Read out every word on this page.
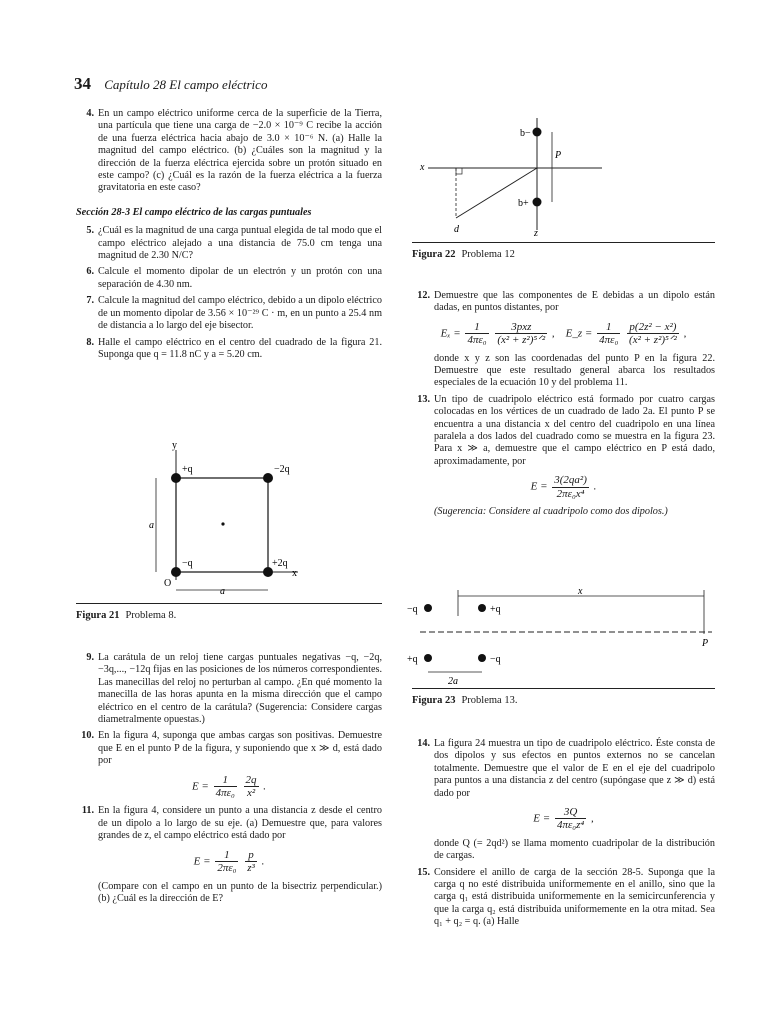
34 Capítulo 28 El campo eléctrico
4. En un campo eléctrico uniforme cerca de la superficie de la Tierra, una partícula que tiene una carga de −2.0 × 10⁻⁹ C recibe la acción de una fuerza eléctrica hacia abajo de 3.0 × 10⁻⁶ N. (a) Halle la magnitud del campo eléctrico. (b) ¿Cuáles son la magnitud y la dirección de la fuerza eléctrica ejercida sobre un protón situado en este campo? (c) ¿Cuál es la razón de la fuerza eléctrica a la fuerza gravitatoria en este caso?
Sección 28-3 El campo eléctrico de las cargas puntuales
5. ¿Cuál es la magnitud de una carga puntual elegida de tal modo que el campo eléctrico alejado a una distancia de 75.0 cm tenga una magnitud de 2.30 N/C?
6. Calcule el momento dipolar de un electrón y un protón con una separación de 4.30 nm.
7. Calcule la magnitud del campo eléctrico, debido a un dipolo eléctrico de un momento dipolar de 3.56 × 10⁻²⁹ C · m, en un punto a 25.4 nm de distancia a lo largo del eje bisector.
8. Halle el campo eléctrico en el centro del cuadrado de la figura 21. Suponga que q = 11.8 nC y a = 5.20 cm.
y
+q	−2q
−q	+2q
x
a
a
O
Figura 21 Problema 8.
9. La carátula de un reloj tiene cargas puntuales negativas −q, −2q, −3q,..., −12q fijas en las posiciones de los números correspondientes. Las manecillas del reloj no perturban al campo. ¿En qué momento la manecilla de las horas apunta en la misma dirección que el campo eléctrico en el centro de la carátula? (Sugerencia: Considere cargas diametralmente opuestas.)
10. En la figura 4, suponga que ambas cargas son positivas. Demuestre que E en el punto P de la figura, y suponiendo que x ≫ d, está dado por
$E = \frac{1}{\text{4πε₀}}$
$\frac{2q}{\text{x²}}$ .
11. En la figura 4, considere un punto a una distancia z desde el centro de un dipolo a lo largo de su eje. (a) Demuestre que, para valores grandes de z, el campo eléctrico está dado por
$E = \frac{1}{\text{2πε₀}}$
$\frac{p}{\text{z³}}$ .
(Compare con el campo en un punto de la bisectriz perpendicular.) (b) ¿Cuál es la dirección de E?
b−
b+
P
x
z
d
Figura 22 Problema 12
12. Demuestre que las componentes de E debidas a un dipolo están dadas, en puntos distantes, por
$E_x = \frac{1}{\text{4πε₀}}$
$\frac{\text{3pxz}}{\text{(x² + z²)⁵ᐟ²}}$ , E_z = $\frac{1}{\text{4πε₀}}$
$\frac{\text{p(2z² − x²)}}{\text{(x² + z²)⁵ᐟ²}}$ ,
donde x y z son las coordenadas del punto P en la figura 22. Demuestre que este resultado general abarca los resultados especiales de la ecuación 10 y del problema 11.
13. Un tipo de cuadripolo eléctrico está formado por cuatro cargas colocadas en los vértices de un cuadrado de lado 2a. El punto P se encuentra a una distancia x del centro del cuadripolo en una línea paralela a dos lados del cuadrado como se muestra en la figura 23. Para x ≫ a, demuestre que el campo eléctrico en P está dado, aproximadamente, por
$E = \frac{\text{3(2qa²)}}{\text{2πε₀x⁴}}$ .
(Sugerencia: Considere al cuadripolo como dos dipolos.)
−q	+q
+q	−q
x
P
2a
Figura 23 Problema 13.
14. La figura 24 muestra un tipo de cuadripolo eléctrico. Éste consta de dos dipolos y sus efectos en puntos externos no se cancelan totalmente. Demuestre que el valor de E en el eje del cuadripolo para puntos a una distancia z del centro (supóngase que z ≫ d) está dado por
$E = \frac{3Q}{\text{4πε₀z⁴}}$ ,
donde Q (= 2qd²) se llama momento cuadripolar de la distribución de cargas.
15. Considere el anillo de carga de la sección 28-5. Suponga que la carga q no esté distribuida uniformemente en el anillo, sino que la carga q₁ está distribuida uniformemente en la semicircunferencia y que la carga q₂ está distribuida uniformemente en la otra mitad. Sea q₁ + q₂ = q. (a) Halle
